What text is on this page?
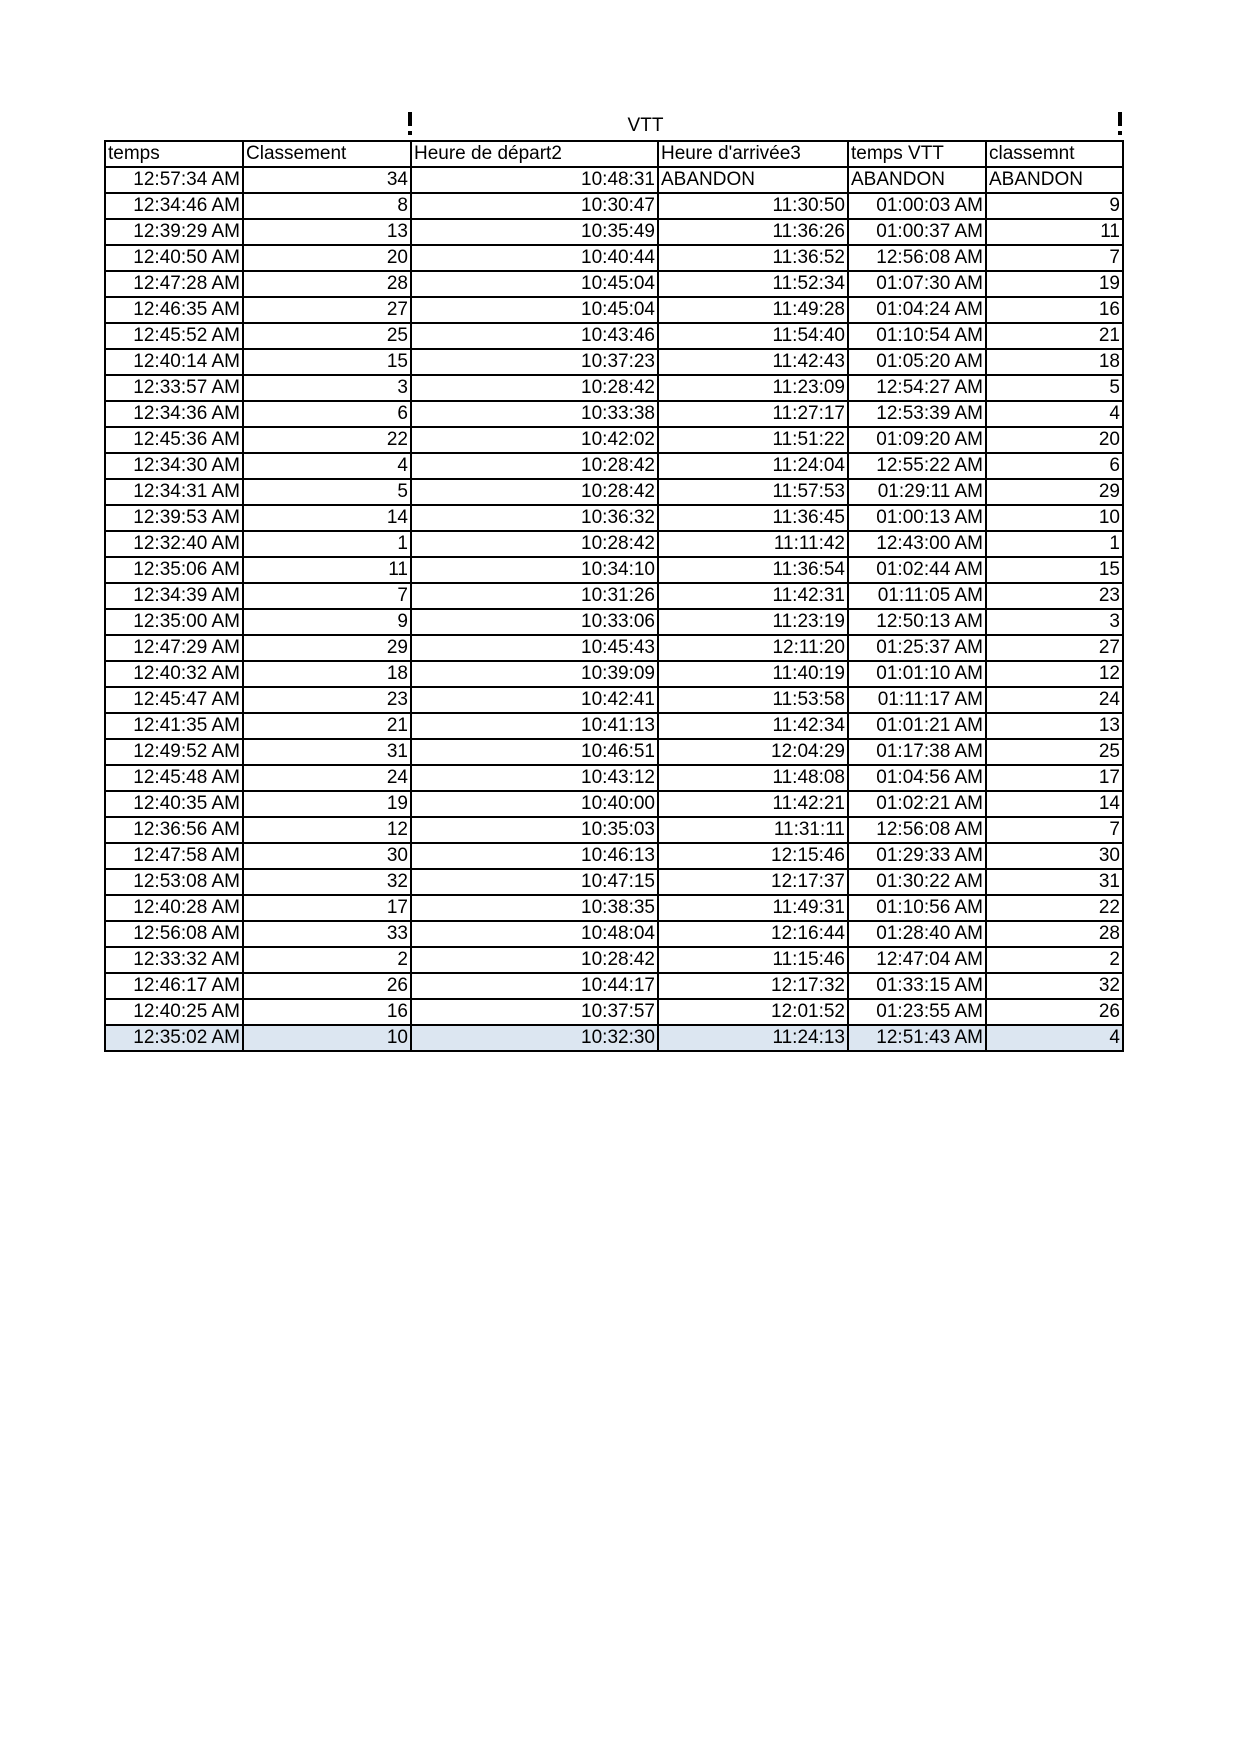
VTT
temps	Classement	Heure de départ2	Heure d'arrivée3	temps VTT	classemnt
12:57:34 AM	34	10:48:31	ABANDON	ABANDON	ABANDON
12:34:46 AM	8	10:30:47	11:30:50	01:00:03 AM	9
12:39:29 AM	13	10:35:49	11:36:26	01:00:37 AM	11
12:40:50 AM	20	10:40:44	11:36:52	12:56:08 AM	7
12:47:28 AM	28	10:45:04	11:52:34	01:07:30 AM	19
12:46:35 AM	27	10:45:04	11:49:28	01:04:24 AM	16
12:45:52 AM	25	10:43:46	11:54:40	01:10:54 AM	21
12:40:14 AM	15	10:37:23	11:42:43	01:05:20 AM	18
12:33:57 AM	3	10:28:42	11:23:09	12:54:27 AM	5
12:34:36 AM	6	10:33:38	11:27:17	12:53:39 AM	4
12:45:36 AM	22	10:42:02	11:51:22	01:09:20 AM	20
12:34:30 AM	4	10:28:42	11:24:04	12:55:22 AM	6
12:34:31 AM	5	10:28:42	11:57:53	01:29:11 AM	29
12:39:53 AM	14	10:36:32	11:36:45	01:00:13 AM	10
12:32:40 AM	1	10:28:42	11:11:42	12:43:00 AM	1
12:35:06 AM	11	10:34:10	11:36:54	01:02:44 AM	15
12:34:39 AM	7	10:31:26	11:42:31	01:11:05 AM	23
12:35:00 AM	9	10:33:06	11:23:19	12:50:13 AM	3
12:47:29 AM	29	10:45:43	12:11:20	01:25:37 AM	27
12:40:32 AM	18	10:39:09	11:40:19	01:01:10 AM	12
12:45:47 AM	23	10:42:41	11:53:58	01:11:17 AM	24
12:41:35 AM	21	10:41:13	11:42:34	01:01:21 AM	13
12:49:52 AM	31	10:46:51	12:04:29	01:17:38 AM	25
12:45:48 AM	24	10:43:12	11:48:08	01:04:56 AM	17
12:40:35 AM	19	10:40:00	11:42:21	01:02:21 AM	14
12:36:56 AM	12	10:35:03	11:31:11	12:56:08 AM	7
12:47:58 AM	30	10:46:13	12:15:46	01:29:33 AM	30
12:53:08 AM	32	10:47:15	12:17:37	01:30:22 AM	31
12:40:28 AM	17	10:38:35	11:49:31	01:10:56 AM	22
12:56:08 AM	33	10:48:04	12:16:44	01:28:40 AM	28
12:33:32 AM	2	10:28:42	11:15:46	12:47:04 AM	2
12:46:17 AM	26	10:44:17	12:17:32	01:33:15 AM	32
12:40:25 AM	16	10:37:57	12:01:52	01:23:55 AM	26
12:35:02 AM	10	10:32:30	11:24:13	12:51:43 AM	4
